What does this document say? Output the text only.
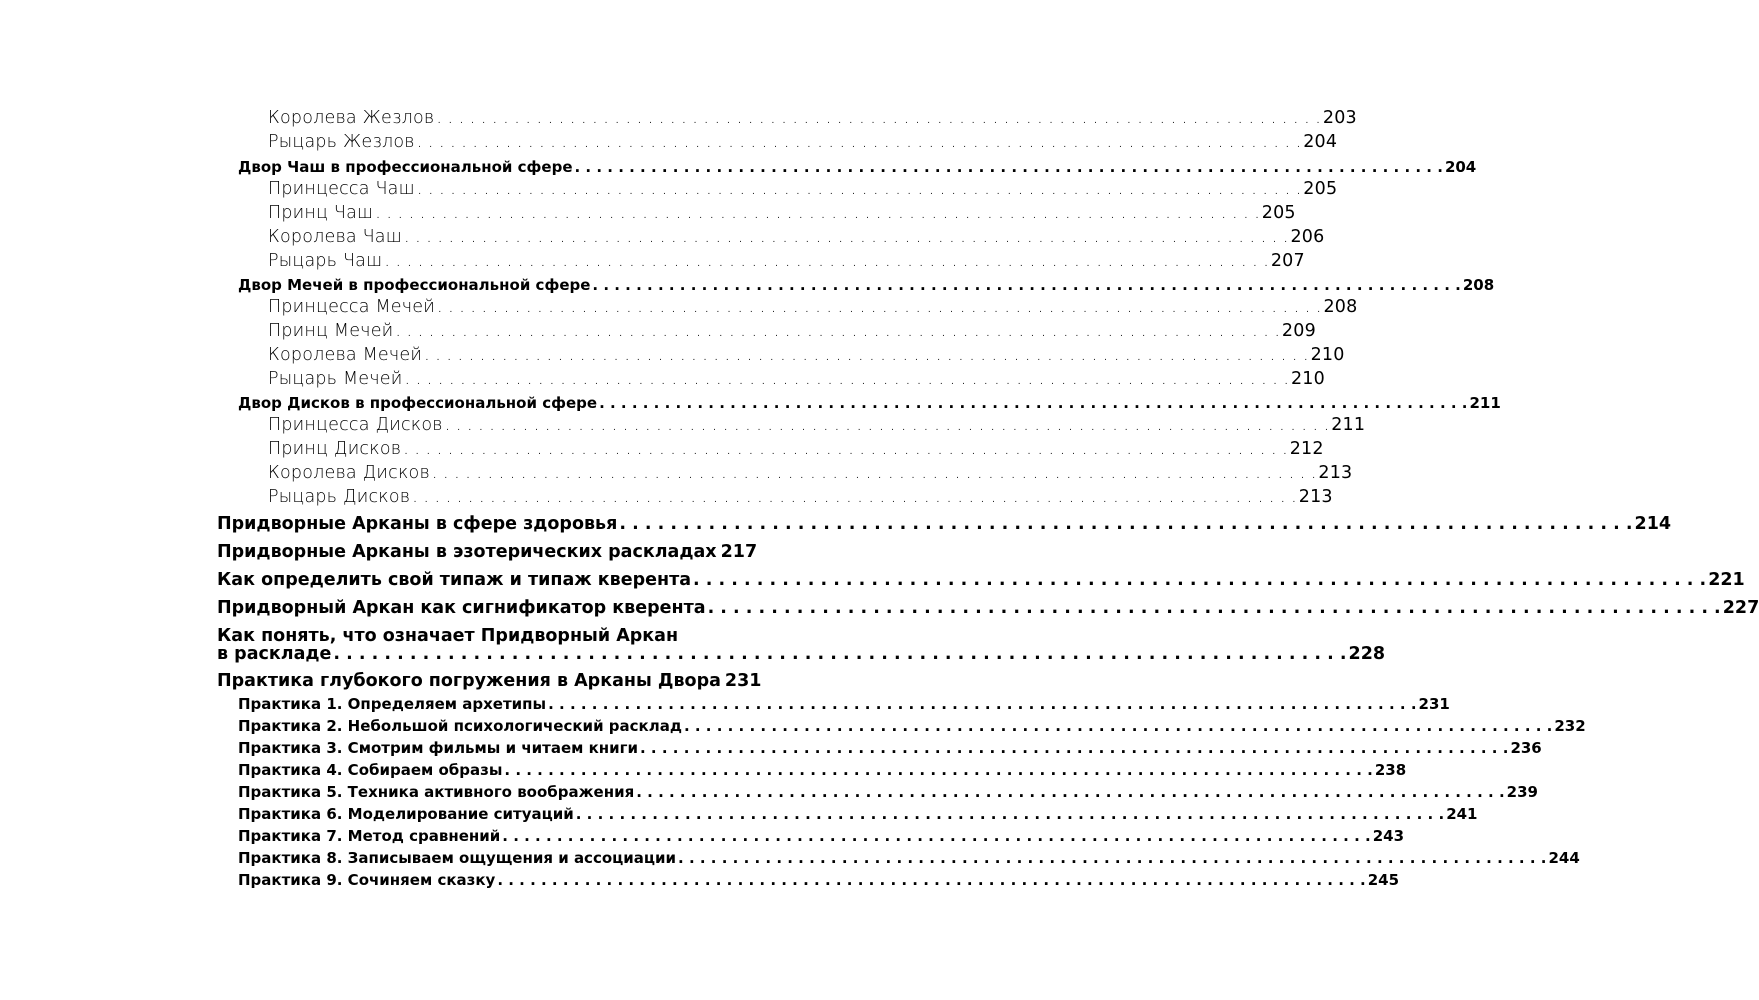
Королева Жезлов . . . . . . . . . . . . . . . . . . . . . . . . . . . . . . . . . . . . . . . . . . . . . . . . . . . . . . . . . . . . . . . . . . . . . . . . . . . . . . . . 203
Рыцарь Жезлов . . . . . . . . . . . . . . . . . . . . . . . . . . . . . . . . . . . . . . . . . . . . . . . . . . . . . . . . . . . . . . . . . . . . . . . . . . . . . . . . 204
Двор Чаш в профессиональной сфере . . . . . . . . . . . . . . . . . . . . . . . . . . . . . . . . . . . . . . . . . . . . . . . . . . . . . . . . . . . . . . . . . . . . . . . . . . . . . . . . 204
Принцесса Чаш . . . . . . . . . . . . . . . . . . . . . . . . . . . . . . . . . . . . . . . . . . . . . . . . . . . . . . . . . . . . . . . . . . . . . . . . . . . . . . . . 205
Принц Чаш . . . . . . . . . . . . . . . . . . . . . . . . . . . . . . . . . . . . . . . . . . . . . . . . . . . . . . . . . . . . . . . . . . . . . . . . . . . . . . . . 205
Королева Чаш . . . . . . . . . . . . . . . . . . . . . . . . . . . . . . . . . . . . . . . . . . . . . . . . . . . . . . . . . . . . . . . . . . . . . . . . . . . . . . . . 206
Рыцарь Чаш . . . . . . . . . . . . . . . . . . . . . . . . . . . . . . . . . . . . . . . . . . . . . . . . . . . . . . . . . . . . . . . . . . . . . . . . . . . . . . . . 207
Двор Мечей в профессиональной сфере . . . . . . . . . . . . . . . . . . . . . . . . . . . . . . . . . . . . . . . . . . . . . . . . . . . . . . . . . . . . . . . . . . . . . . . . . . . . . . . . 208
Принцесса Мечей . . . . . . . . . . . . . . . . . . . . . . . . . . . . . . . . . . . . . . . . . . . . . . . . . . . . . . . . . . . . . . . . . . . . . . . . . . . . . . . . 208
Принц Мечей . . . . . . . . . . . . . . . . . . . . . . . . . . . . . . . . . . . . . . . . . . . . . . . . . . . . . . . . . . . . . . . . . . . . . . . . . . . . . . . . 209
Королева Мечей . . . . . . . . . . . . . . . . . . . . . . . . . . . . . . . . . . . . . . . . . . . . . . . . . . . . . . . . . . . . . . . . . . . . . . . . . . . . . . . . 210
Рыцарь Мечей . . . . . . . . . . . . . . . . . . . . . . . . . . . . . . . . . . . . . . . . . . . . . . . . . . . . . . . . . . . . . . . . . . . . . . . . . . . . . . . . 210
Двор Дисков в профессиональной сфере . . . . . . . . . . . . . . . . . . . . . . . . . . . . . . . . . . . . . . . . . . . . . . . . . . . . . . . . . . . . . . . . . . . . . . . . . . . . . . . . 211
Принцесса Дисков . . . . . . . . . . . . . . . . . . . . . . . . . . . . . . . . . . . . . . . . . . . . . . . . . . . . . . . . . . . . . . . . . . . . . . . . . . . . . . . . 211
Принц Дисков . . . . . . . . . . . . . . . . . . . . . . . . . . . . . . . . . . . . . . . . . . . . . . . . . . . . . . . . . . . . . . . . . . . . . . . . . . . . . . . . 212
Королева Дисков . . . . . . . . . . . . . . . . . . . . . . . . . . . . . . . . . . . . . . . . . . . . . . . . . . . . . . . . . . . . . . . . . . . . . . . . . . . . . . . . 213
Рыцарь Дисков . . . . . . . . . . . . . . . . . . . . . . . . . . . . . . . . . . . . . . . . . . . . . . . . . . . . . . . . . . . . . . . . . . . . . . . . . . . . . . . . 213
Придворные Арканы в сфере здоровья . . . . . . . . . . . . . . . . . . . . . . . . . . . . . . . . . . . . . . . . . . . . . . . . . . . . . . . . . . . . . . . . . . . . . . . . . . . . . . . . 214
Придворные Арканы в эзотерических раскладах 217
Как определить свой типаж и типаж кверента . . . . . . . . . . . . . . . . . . . . . . . . . . . . . . . . . . . . . . . . . . . . . . . . . . . . . . . . . . . . . . . . . . . . . . . . . . . . . . . . 221
Придворный Аркан как сигнификатор кверента . . . . . . . . . . . . . . . . . . . . . . . . . . . . . . . . . . . . . . . . . . . . . . . . . . . . . . . . . . . . . . . . . . . . . . . . . . . . . . . . 227
Как понять, что означает Придворный Аркан
в раскладе . . . . . . . . . . . . . . . . . . . . . . . . . . . . . . . . . . . . . . . . . . . . . . . . . . . . . . . . . . . . . . . . . . . . . . . . . . . . . . . . 228
Практика глубокого погружения в Арканы Двора 231
Практика 1. Определяем архетипы . . . . . . . . . . . . . . . . . . . . . . . . . . . . . . . . . . . . . . . . . . . . . . . . . . . . . . . . . . . . . . . . . . . . . . . . . . . . . . . . 231
Практика 2. Небольшой психологический расклад . . . . . . . . . . . . . . . . . . . . . . . . . . . . . . . . . . . . . . . . . . . . . . . . . . . . . . . . . . . . . . . . . . . . . . . . . . . . . . . . 232
Практика 3. Смотрим фильмы и читаем книги . . . . . . . . . . . . . . . . . . . . . . . . . . . . . . . . . . . . . . . . . . . . . . . . . . . . . . . . . . . . . . . . . . . . . . . . . . . . . . . . 236
Практика 4. Собираем образы . . . . . . . . . . . . . . . . . . . . . . . . . . . . . . . . . . . . . . . . . . . . . . . . . . . . . . . . . . . . . . . . . . . . . . . . . . . . . . . . 238
Практика 5. Техника активного воображения . . . . . . . . . . . . . . . . . . . . . . . . . . . . . . . . . . . . . . . . . . . . . . . . . . . . . . . . . . . . . . . . . . . . . . . . . . . . . . . . 239
Практика 6. Моделирование ситуаций . . . . . . . . . . . . . . . . . . . . . . . . . . . . . . . . . . . . . . . . . . . . . . . . . . . . . . . . . . . . . . . . . . . . . . . . . . . . . . . . 241
Практика 7. Метод сравнений . . . . . . . . . . . . . . . . . . . . . . . . . . . . . . . . . . . . . . . . . . . . . . . . . . . . . . . . . . . . . . . . . . . . . . . . . . . . . . . . 243
Практика 8. Записываем ощущения и ассоциации . . . . . . . . . . . . . . . . . . . . . . . . . . . . . . . . . . . . . . . . . . . . . . . . . . . . . . . . . . . . . . . . . . . . . . . . . . . . . . . . 244
Практика 9. Сочиняем сказку . . . . . . . . . . . . . . . . . . . . . . . . . . . . . . . . . . . . . . . . . . . . . . . . . . . . . . . . . . . . . . . . . . . . . . . . . . . . . . . . 245
